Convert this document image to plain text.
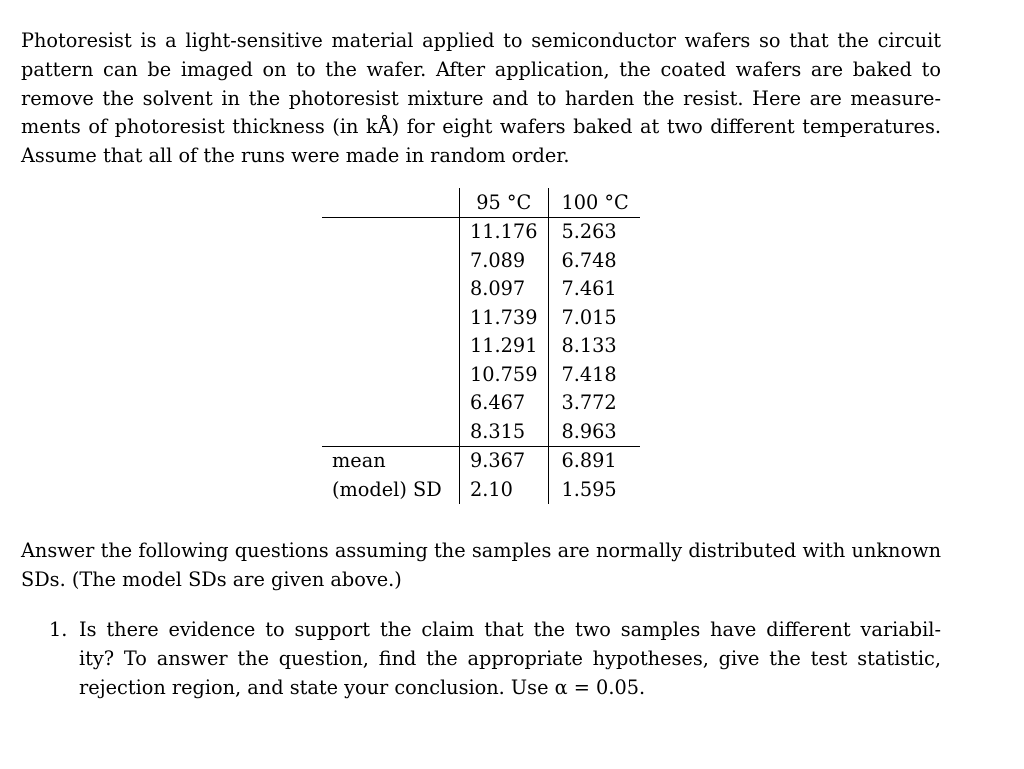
Photoresist is a light-sensitive material applied to semiconductor wafers so that the circuit
pattern can be imaged on to the wafer. After application, the coated wafers are baked to
remove the solvent in the photoresist mixture and to harden the resist. Here are measure-
ments of photoresist thickness (in kÅ) for eight wafers baked at two different temperatures.
Assume that all of the runs were made in random order.
	95 °C	100 °C
	11.176	5.263
	7.089	6.748
	8.097	7.461
	11.739	7.015
	11.291	8.133
	10.759	7.418
	6.467	3.772
	8.315	8.963
mean	9.367	6.891
(model) SD	2.10	1.595
Answer the following questions assuming the samples are normally distributed with unknown
SDs. (The model SDs are given above.)
1. Is there evidence to support the claim that the two samples have different variabil-
ity? To answer the question, find the appropriate hypotheses, give the test statistic,
rejection region, and state your conclusion. Use α = 0.05.
